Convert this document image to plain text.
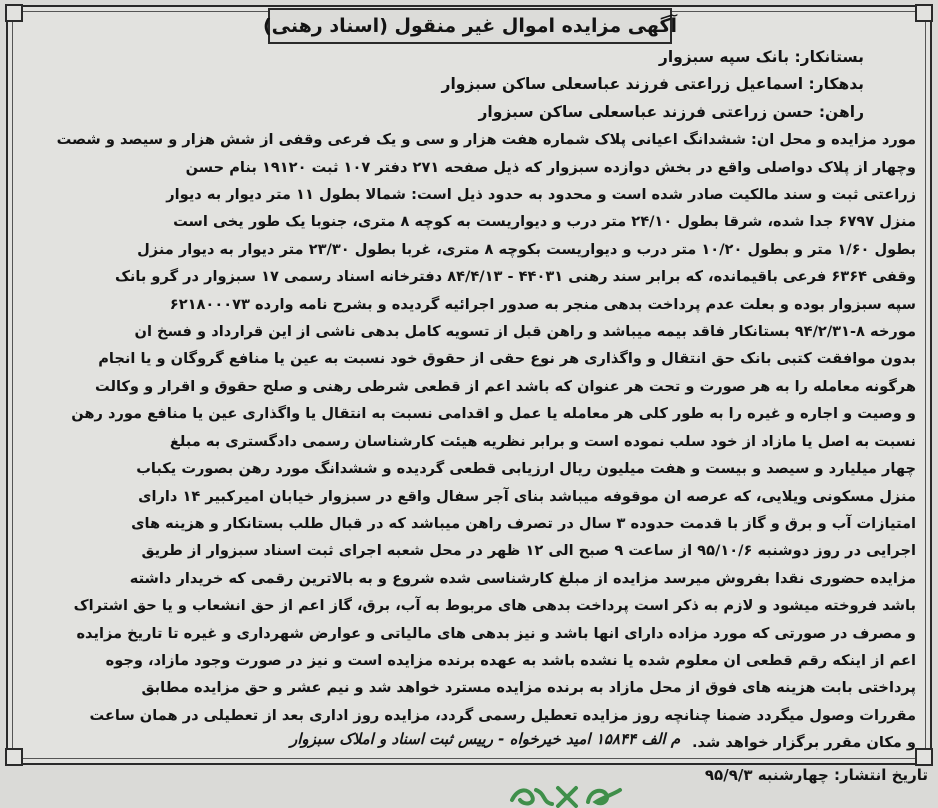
آگهی مزایده اموال غیر منقول (اسناد رهنی)
بستانکار: بانک سپه سبزوار
بدهکار: اسماعیل زراعتی فرزند عباسعلی ساکن سبزوار
راهن: حسن زراعتی فرزند عباسعلی ساکن سبزوار
مورد مزایده و محل ان: ششدانگ اعیانی پلاک شماره هفت هزار و سی و یک فرعی وقفی از شش هزار و سیصد و شصت
وچهار از پلاک دواصلی واقع در بخش دوازده سبزوار که ذیل صفحه ۲۷۱ دفتر ۱۰۷ ثبت ۱۹۱۲۰ بنام حسن
زراعتی ثبت و سند مالکیت صادر شده است و محدود به حدود ذیل است: شمالا بطول ۱۱ متر دیوار به دیوار
منزل ۶۷۹۷ جدا شده، شرقا بطول ۲۴/۱۰ متر درب و دیواریست به کوچه ۸ متری، جنوبا یک طور یخی است
بطول ۱/۶۰ متر و بطول ۱۰/۲۰ متر درب و دیواریست بکوچه ۸ متری، غربا بطول ۲۳/۳۰ متر دیوار به دیوار منزل
وقفی ۶۳۶۴ فرعی باقیمانده، که برابر سند رهنی ۴۴۰۳۱ - ۸۴/۴/۱۳ دفترخانه اسناد رسمی ۱۷ سبزوار در گرو بانک
سپه سبزوار بوده و بعلت عدم پرداخت بدهی منجر به صدور اجرائیه گردیده و بشرح نامه وارده ۶۲۱۸۰۰۰۷۳
مورخه ۸-۹۴/۲/۳۱ بستانکار فاقد بیمه میباشد و راهن قبل از تسویه کامل بدهی ناشی از این قرارداد و فسخ ان
بدون موافقت کتبی بانک حق انتقال و واگذاری هر نوع حقی از حقوق خود نسبت به عین یا منافع گروگان و یا انجام
هرگونه معامله را به هر صورت و تحت هر عنوان که باشد اعم از قطعی شرطی رهنی و صلح حقوق و اقرار و وکالت
و وصیت و اجاره و غیره را به طور کلی هر معامله یا عمل و اقدامی نسبت به انتقال یا واگذاری عین یا منافع مورد رهن
نسبت به اصل یا مازاد از خود سلب نموده است و برابر نظریه هیئت کارشناسان رسمی دادگستری به مبلغ
چهار میلیارد و سیصد و بیست و هفت میلیون ریال ارزیابی قطعی گردیده و ششدانگ مورد رهن بصورت یکباب
منزل مسکونی ویلایی، که عرصه ان موقوفه میباشد بنای آجر سفال واقع در سبزوار خیابان امیرکبیر ۱۴ دارای
امتیازات آب و برق و گاز با قدمت حدوده ۳ سال در تصرف راهن میباشد که در قبال طلب بستانکار و هزینه های
اجرایی در روز دوشنبه ۹۵/۱۰/۶ از ساعت ۹ صبح الی ۱۲ ظهر در محل شعبه اجرای ثبت اسناد سبزوار از طریق
مزایده حضوری نقدا بفروش میرسد مزایده از مبلغ کارشناسی شده شروع و به بالاترین رقمی که خریدار داشته
باشد فروخته میشود و لازم به ذکر است پرداخت بدهی های مربوط به آب، برق، گاز اعم از حق انشعاب و یا حق اشتراک
و مصرف در صورتی که مورد مزاده دارای انها باشد و نیز بدهی های مالیاتی و عوارض شهرداری و غیره تا تاریخ مزایده
اعم از اینکه رقم قطعی ان معلوم شده یا نشده باشد به عهده برنده مزایده است و نیز در صورت وجود مازاد، وجوه
پرداختی بابت هزینه های فوق از محل مازاد به برنده مزایده مسترد خواهد شد و نیم عشر و حق مزایده مطابق
مقررات وصول میگردد ضمنا چنانچه روز مزایده تعطیل رسمی گردد، مزایده روز اداری بعد از تعطیلی در همان ساعت
و مکان مقرر برگزار خواهد شد.
م الف ۱۵۸۴۴ امید خیرخواه - رییس ثبت اسناد و املاک سبزوار
تاریخ انتشار: چهارشنبه ۹۵/۹/۳
